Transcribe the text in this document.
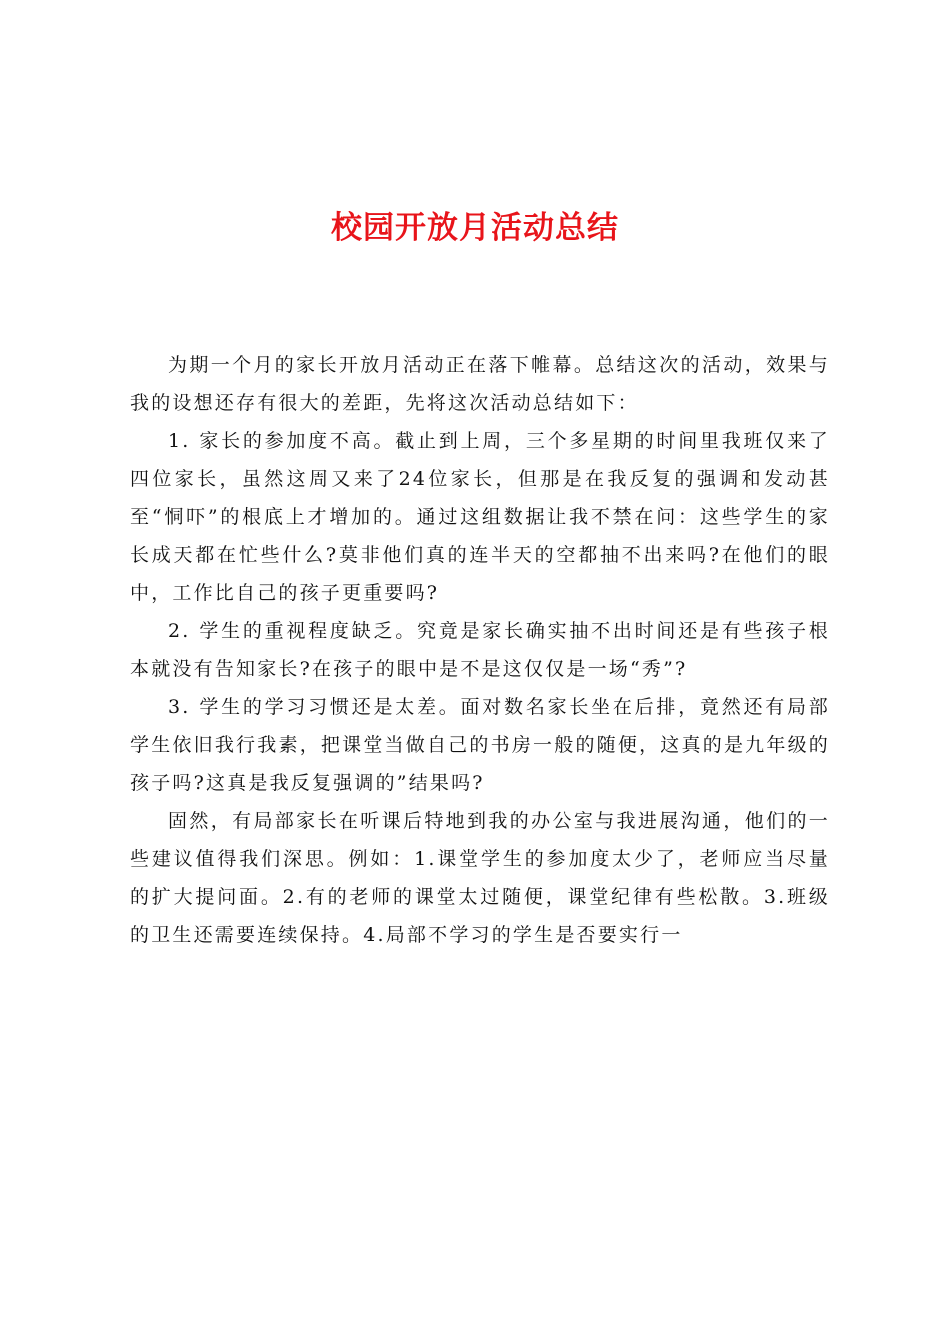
校园开放月活动总结

为期一个月的家长开放月活动正在落下帷幕。总结这次的活动，效果与我的设想还存有很大的差距，先将这次活动总结如下：

1. 家长的参加度不高。截止到上周，三个多星期的时间里我班仅来了四位家长，虽然这周又来了24位家长，但那是在我反复的强调和发动甚至“恫吓”的根底上才增加的。通过这组数据让我不禁在问：这些学生的家长成天都在忙些什么?莫非他们真的连半天的空都抽不出来吗?在他们的眼中，工作比自己的孩子更重要吗?

2. 学生的重视程度缺乏。究竟是家长确实抽不出时间还是有些孩子根本就没有告知家长?在孩子的眼中是不是这仅仅是一场“秀”?

3. 学生的学习习惯还是太差。面对数名家长坐在后排，竟然还有局部学生依旧我行我素，把课堂当做自己的书房一般的随便，这真的是九年级的孩子吗?这真是我反复强调的”结果吗?

固然，有局部家长在听课后特地到我的办公室与我进展沟通，他们的一些建议值得我们深思。例如：1.课堂学生的参加度太少了，老师应当尽量的扩大提问面。2.有的老师的课堂太过随便，课堂纪律有些松散。3.班级的卫生还需要连续保持。4.局部不学习的学生是否要实行一
